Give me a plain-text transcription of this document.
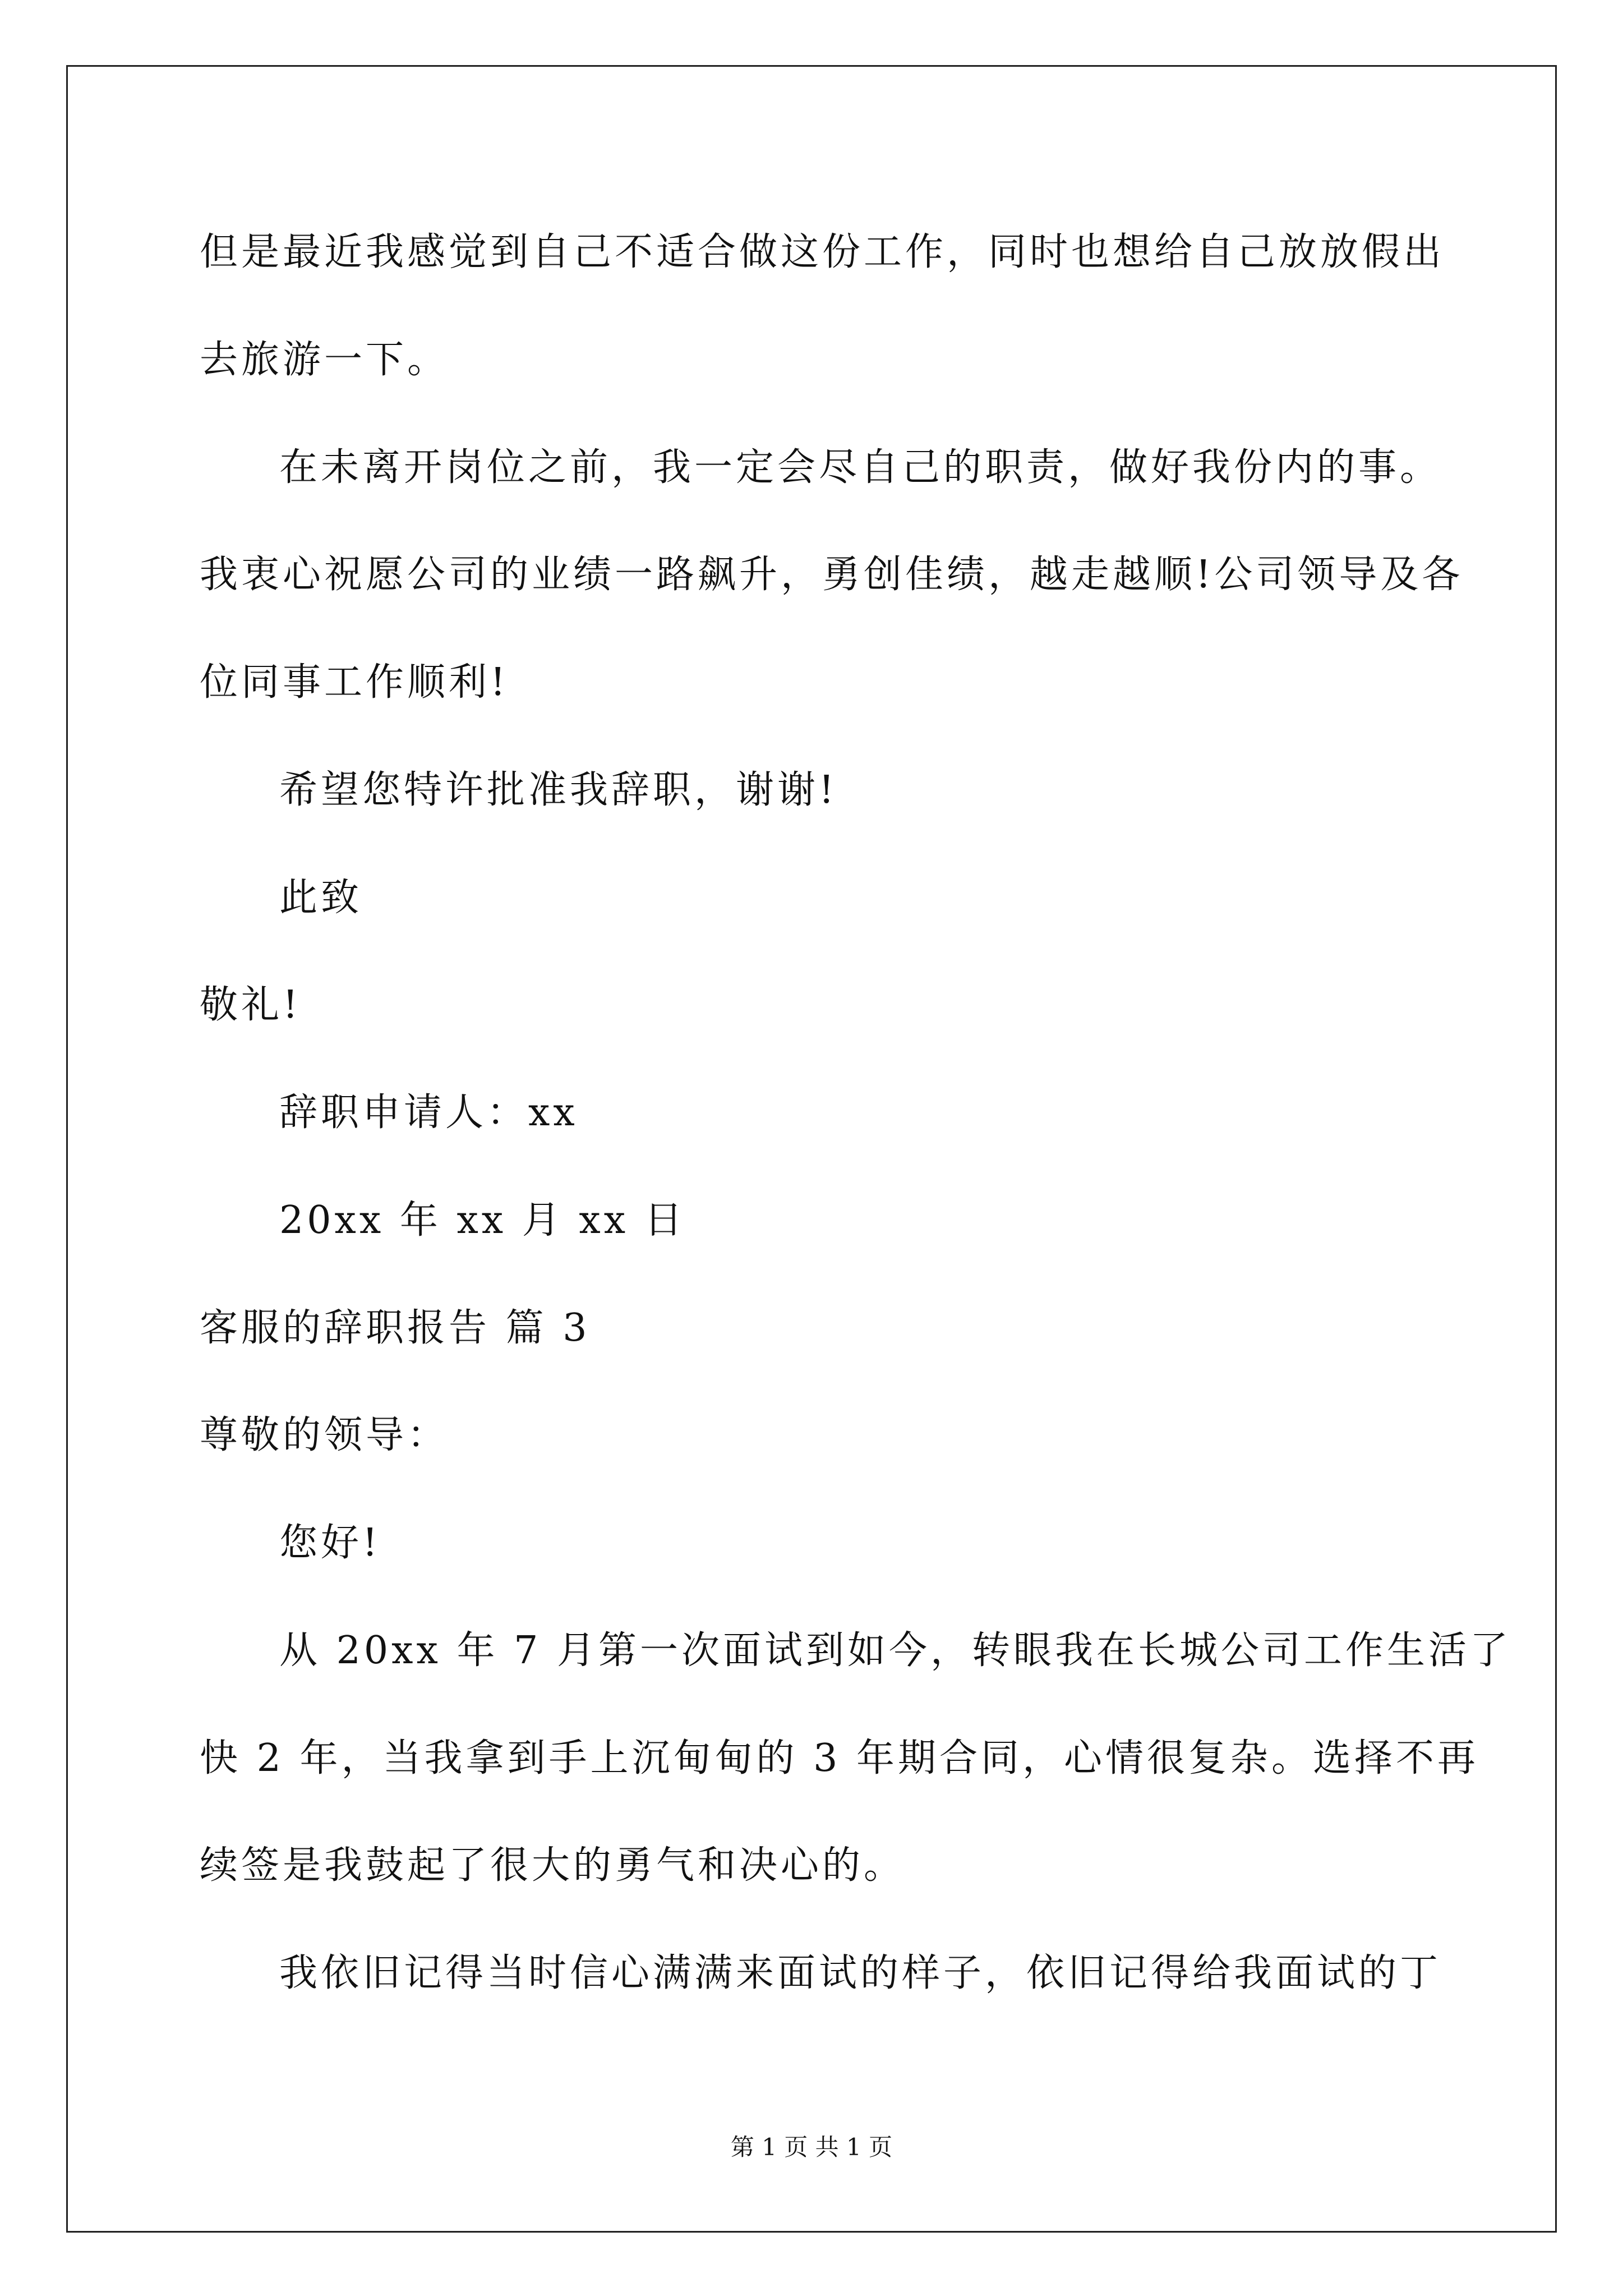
但是最近我感觉到自己不适合做这份工作，同时也想给自己放放假出
去旅游一下。
在未离开岗位之前，我一定会尽自己的职责，做好我份内的事。
我衷心祝愿公司的业绩一路飙升，勇创佳绩，越走越顺!公司领导及各
位同事工作顺利!
希望您特许批准我辞职，谢谢!
此致
敬礼!
辞职申请人：xx
20xx 年 xx 月 xx 日
客服的辞职报告 篇 3
尊敬的领导：
您好!
从 20xx 年 7 月第一次面试到如今，转眼我在长城公司工作生活了
快 2 年，当我拿到手上沉甸甸的 3 年期合同，心情很复杂。选择不再
续签是我鼓起了很大的勇气和决心的。
我依旧记得当时信心满满来面试的样子，依旧记得给我面试的丁
第 1 页 共 1 页
